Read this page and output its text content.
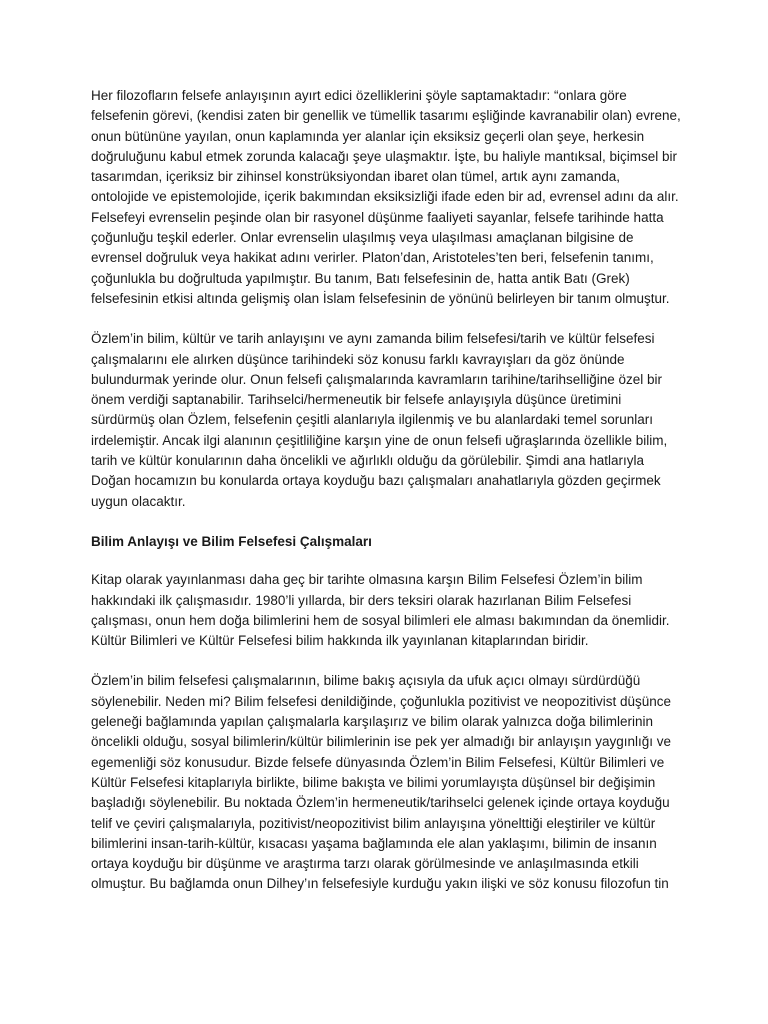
Her filozofların felsefe anlayışının ayırt edici özelliklerini şöyle saptamaktadır: “onlara göre felsefenin görevi, (kendisi zaten bir genellik ve tümellik tasarımı eşliğinde kavranabilir olan) evrene, onun bütününe yayılan, onun kaplamında yer alanlar için eksiksiz geçerli olan şeye, herkesin doğruluğunu kabul etmek zorunda kalacağı şeye ulaşmaktır. İşte, bu haliyle mantıksal, biçimsel bir tasarımdan, içeriksiz bir zihinsel konstrüksiyondan ibaret olan tümel, artık aynı zamanda, ontolojide ve epistemolojide, içerik bakımından eksiksizliği ifade eden bir ad, evrensel adını da alır. Felsefeyi evrenselin peşinde olan bir rasyonel düşünme faaliyeti sayanlar, felsefe tarihinde hatta çoğunluğu teşkil ederler. Onlar evrenselin ulaşılmış veya ulaşılması amaçlanan bilgisine de evrensel doğruluk veya hakikat adını verirler. Platon’dan, Aristoteles’ten beri, felsefenin tanımı, çoğunlukla bu doğrultuda yapılmıştır. Bu tanım, Batı felsefesinin de, hatta antik Batı (Grek) felsefesinin etkisi altında gelişmiş olan İslam felsefesinin de yönünü belirleyen bir tanım olmuştur.

Özlem’in bilim, kültür ve tarih anlayışını ve aynı zamanda bilim felsefesi/tarih ve kültür felsefesi çalışmalarını ele alırken düşünce tarihindeki söz konusu farklı kavrayışları da göz önünde bulundurmak yerinde olur. Onun felsefi çalışmalarında kavramların tarihine/tarihselliğine özel bir önem verdiği saptanabilir. Tarihselci/hermeneutik bir felsefe anlayışıyla düşünce üretimini sürdürmüş olan Özlem, felsefenin çeşitli alanlarıyla ilgilenmiş ve bu alanlardaki temel sorunları irdelemiştir. Ancak ilgi alanının çeşitliliğine karşın yine de onun felsefi uğraşlarında özellikle bilim, tarih ve kültür konularının daha öncelikli ve ağırlıklı olduğu da görülebilir. Şimdi ana hatlarıyla Doğan hocamızın bu konularda ortaya koyduğu bazı çalışmaları anahatlarıyla gözden geçirmek uygun olacaktır.

Bilim Anlayışı ve Bilim Felsefesi Çalışmaları

Kitap olarak yayınlanması daha geç bir tarihte olmasına karşın Bilim Felsefesi Özlem’in bilim hakkındaki ilk çalışmasıdır. 1980’li yıllarda, bir ders teksiri olarak hazırlanan Bilim Felsefesi çalışması, onun hem doğa bilimlerini hem de sosyal bilimleri ele alması bakımından da önemlidir. Kültür Bilimleri ve Kültür Felsefesi bilim hakkında ilk yayınlanan kitaplarından biridir.

Özlem’in bilim felsefesi çalışmalarının, bilime bakış açısıyla da ufuk açıcı olmayı sürdürdüğü söylenebilir. Neden mi? Bilim felsefesi denildiğinde, çoğunlukla pozitivist ve neopozitivist düşünce geleneği bağlamında yapılan çalışmalarla karşılaşırız ve bilim olarak yalnızca doğa bilimlerinin öncelikli olduğu, sosyal bilimlerin/kültür bilimlerinin ise pek yer almadığı bir anlayışın yaygınlığı ve egemenliği söz konusudur. Bizde felsefe dünyasında Özlem’in Bilim Felsefesi, Kültür Bilimleri ve Kültür Felsefesi kitaplarıyla birlikte, bilime bakışta ve bilimi yorumlayışta düşünsel bir değişimin başladığı söylenebilir. Bu noktada Özlem’in hermeneutik/tarihselci gelenek içinde ortaya koyduğu telif ve çeviri çalışmalarıyla, pozitivist/neopozitivist bilim anlayışına yönelttiği eleştiriler ve kültür bilimlerini insan-tarih-kültür, kısacası yaşama bağlamında ele alan yaklaşımı, bilimin de insanın ortaya koyduğu bir düşünme ve araştırma tarzı olarak görülmesinde ve anlaşılmasında etkili olmuştur. Bu bağlamda onun Dilhey’ın felsefesiyle kurduğu yakın ilişki ve söz konusu filozofun tin
